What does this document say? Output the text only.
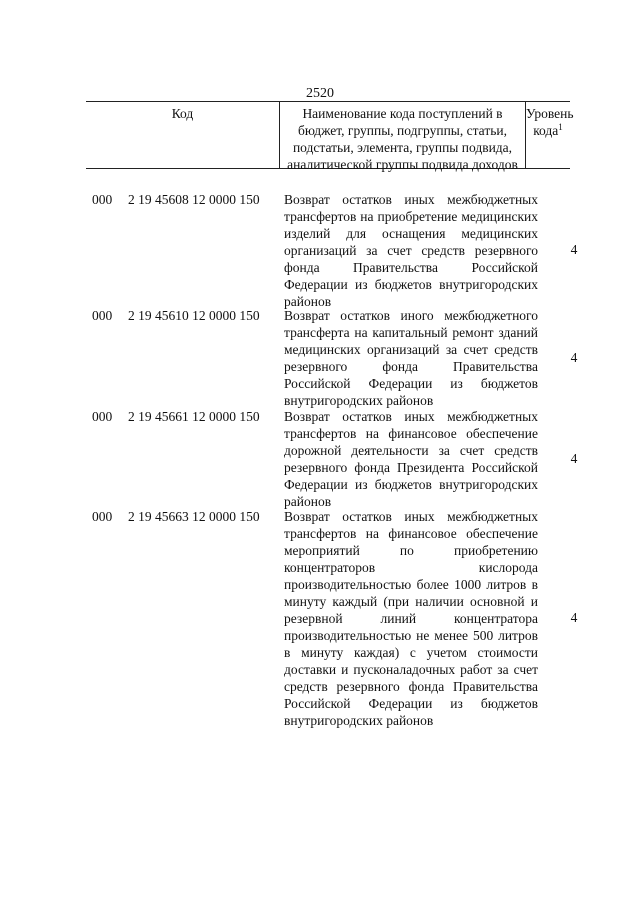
2520
Код	Наименование кода поступлений в бюджет, группы, подгруппы, статьи, подстатьи, элемента, группы подвида, аналитической группы подвида доходов
Уровень кода$^1$
000 2 19 45608 12 0000 150 Возврат остатков иных межбюджетных трансфертов на приобретение медицинских изделий для оснащения медицинских организаций за счет средств резервного фонда Правительства Российской Федерации из бюджетов внутригородских районов
4
000 2 19 45610 12 0000 150 Возврат остатков иного межбюджетного трансферта на капитальный ремонт зданий медицинских организаций за счет средств резервного фонда Правительства Российской Федерации из бюджетов внутригородских районов
4
000 2 19 45661 12 0000 150 Возврат остатков иных межбюджетных трансфертов на финансовое обеспечение дорожной деятельности за счет средств резервного фонда Президента Российской Федерации из бюджетов внутригородских районов
4
000 2 19 45663 12 0000 150 Возврат остатков иных межбюджетных трансфертов на финансовое обеспечение мероприятий по приобретению концентраторов кислорода производительностью более 1000 литров в минуту каждый (при наличии основной и резервной линий концентратора производительностью не менее 500 литров в минуту каждая) с учетом стоимости доставки и пусконаладочных работ за счет средств резервного фонда Правительства Российской Федерации из бюджетов внутригородских районов
4
